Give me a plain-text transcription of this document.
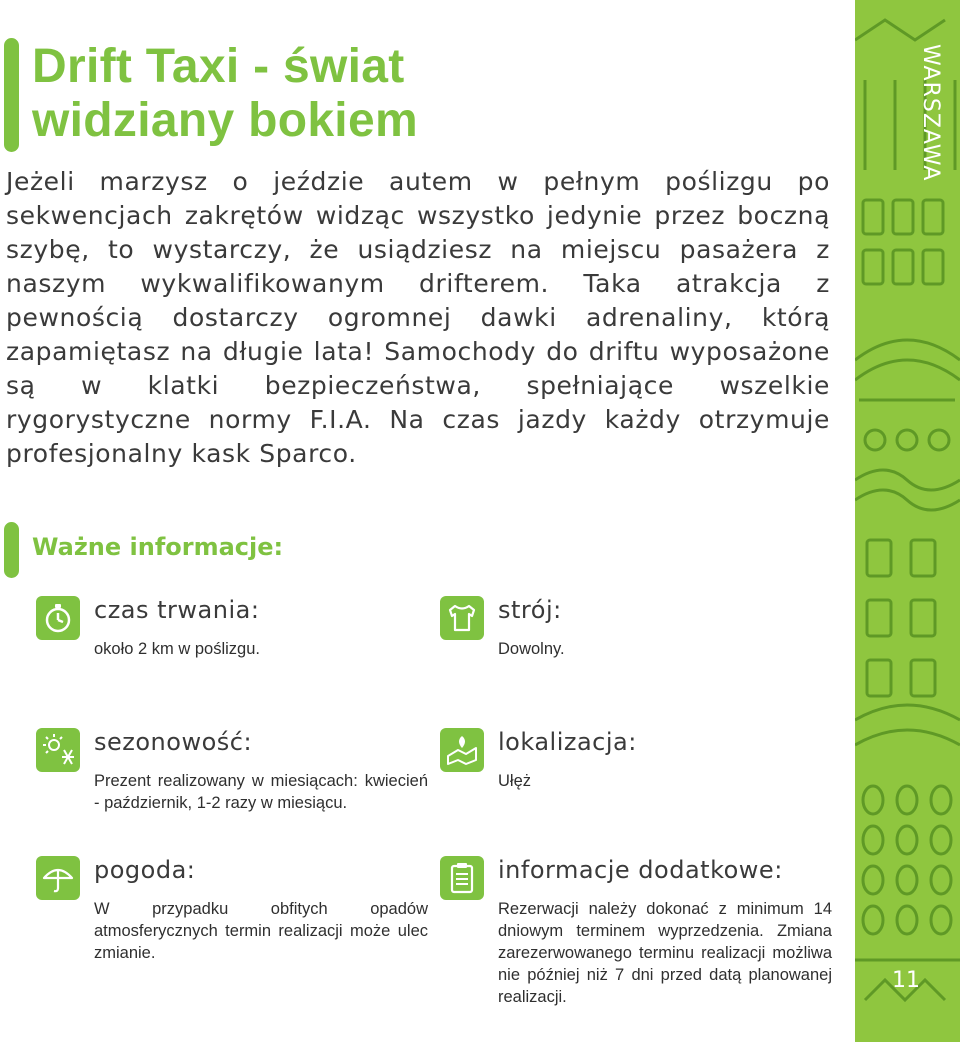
Drift Taxi - świat
widziany bokiem

Jeżeli marzysz o jeździe autem w pełnym poślizgu po sekwencjach zakrętów widząc wszystko jedynie przez boczną szybę, to wystarczy, że usiądziesz na miejscu pasażera z naszym wykwalifikowanym drifterem. Taka atrakcja z pewnością dostarczy ogromnej dawki adrenaliny, którą zapamiętasz na długie lata! Samochody do driftu wyposażone są w klatki bezpieczeństwa, spełniające wszelkie rygorystyczne normy F.I.A. Na czas jazdy każdy otrzymuje profesjonalny kask Sparco.

Ważne informacje:
czas trwania:
około 2 km w poślizgu.
strój:
Dowolny.
sezonowość:
Prezent realizowany w miesiącach: kwiecień - październik, 1-2 razy w miesiącu.
lokalizacja:
Ułęż
pogoda:
W przypadku obfitych opadów atmosferycznych termin realizacji może ulec zmianie.
informacje dodatkowe:
Rezerwacji należy dokonać z minimum 14 dniowym terminem wyprzedzenia. Zmiana zarezerwowanego terminu realizacji możliwa nie później niż 7 dni przed datą planowanej realizacji.
WARSZAWA
11
